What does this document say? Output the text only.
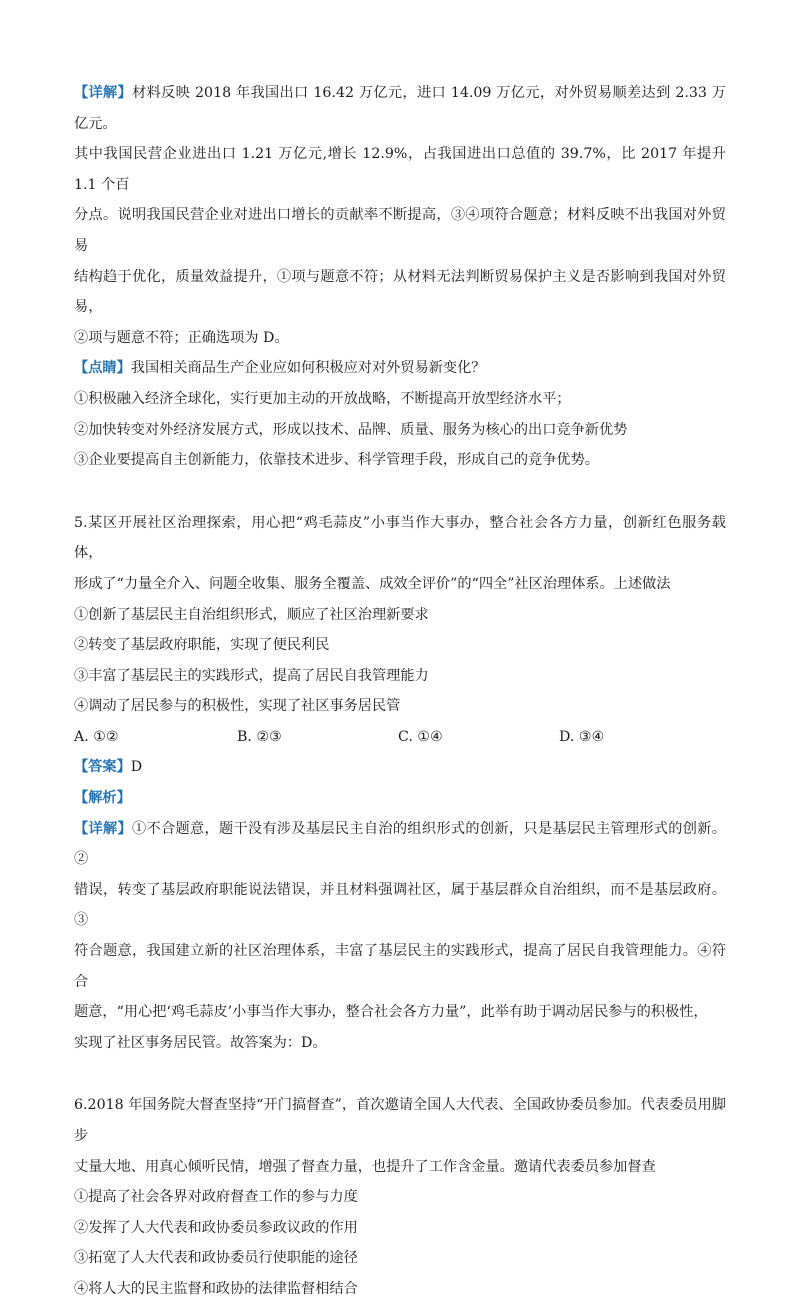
【详解】材料反映 2018 年我国出口 16.42 万亿元，进口 14.09 万亿元，对外贸易顺差达到 2.33 万亿元。
其中我国民营企业进出口 1.21 万亿元,增长 12.9%，占我国进出口总值的 39.7%，比 2017 年提升 1.1 个百
分点。说明我国民营企业对进出口增长的贡献率不断提高，③④项符合题意；材料反映不出我国对外贸易
结构趋于优化，质量效益提升，①项与题意不符；从材料无法判断贸易保护主义是否影响到我国对外贸易，
②项与题意不符；正确选项为 D。

【点睛】我国相关商品生产企业应如何积极应对对外贸易新变化？

①积极融入经济全球化，实行更加主动的开放战略，不断提高开放型经济水平；

②加快转变对外经济发展方式，形成以技术、品牌、质量、服务为核心的出口竞争新优势

③企业要提高自主创新能力，依靠技术进步、科学管理手段，形成自己的竞争优势。

5.某区开展社区治理探索，用心把“鸡毛蒜皮”小事当作大事办，整合社会各方力量，创新红色服务载体，
形成了“力量全介入、问题全收集、服务全覆盖、成效全评价”的“四全”社区治理体系。上述做法

①创新了基层民主自治组织形式，顺应了社区治理新要求

②转变了基层政府职能，实现了便民利民

③丰富了基层民主的实践形式，提高了居民自我管理能力

④调动了居民参与的积极性，实现了社区事务居民管

A. ①②	B. ②③	C. ①④	D. ③④

【答案】D

【解析】

【详解】①不合题意，题干没有涉及基层民主自治的组织形式的创新，只是基层民主管理形式的创新。②
错误，转变了基层政府职能说法错误，并且材料强调社区，属于基层群众自治组织，而不是基层政府。③
符合题意，我国建立新的社区治理体系，丰富了基层民主的实践形式，提高了居民自我管理能力。④符合
题意，“用心把‘鸡毛蒜皮’小事当作大事办，整合社会各方力量”，此举有助于调动居民参与的积极性，
实现了社区事务居民管。故答案为：D。

6.2018 年国务院大督查坚持“开门搞督查”，首次邀请全国人大代表、全国政协委员参加。代表委员用脚步
丈量大地、用真心倾听民情，增强了督查力量，也提升了工作含金量。邀请代表委员参加督查

①提高了社会各界对政府督查工作的参与力度

②发挥了人大代表和政协委员参政议政的作用

③拓宽了人大代表和政协委员行使职能的途径

④将人大的民主监督和政协的法律监督相结合
